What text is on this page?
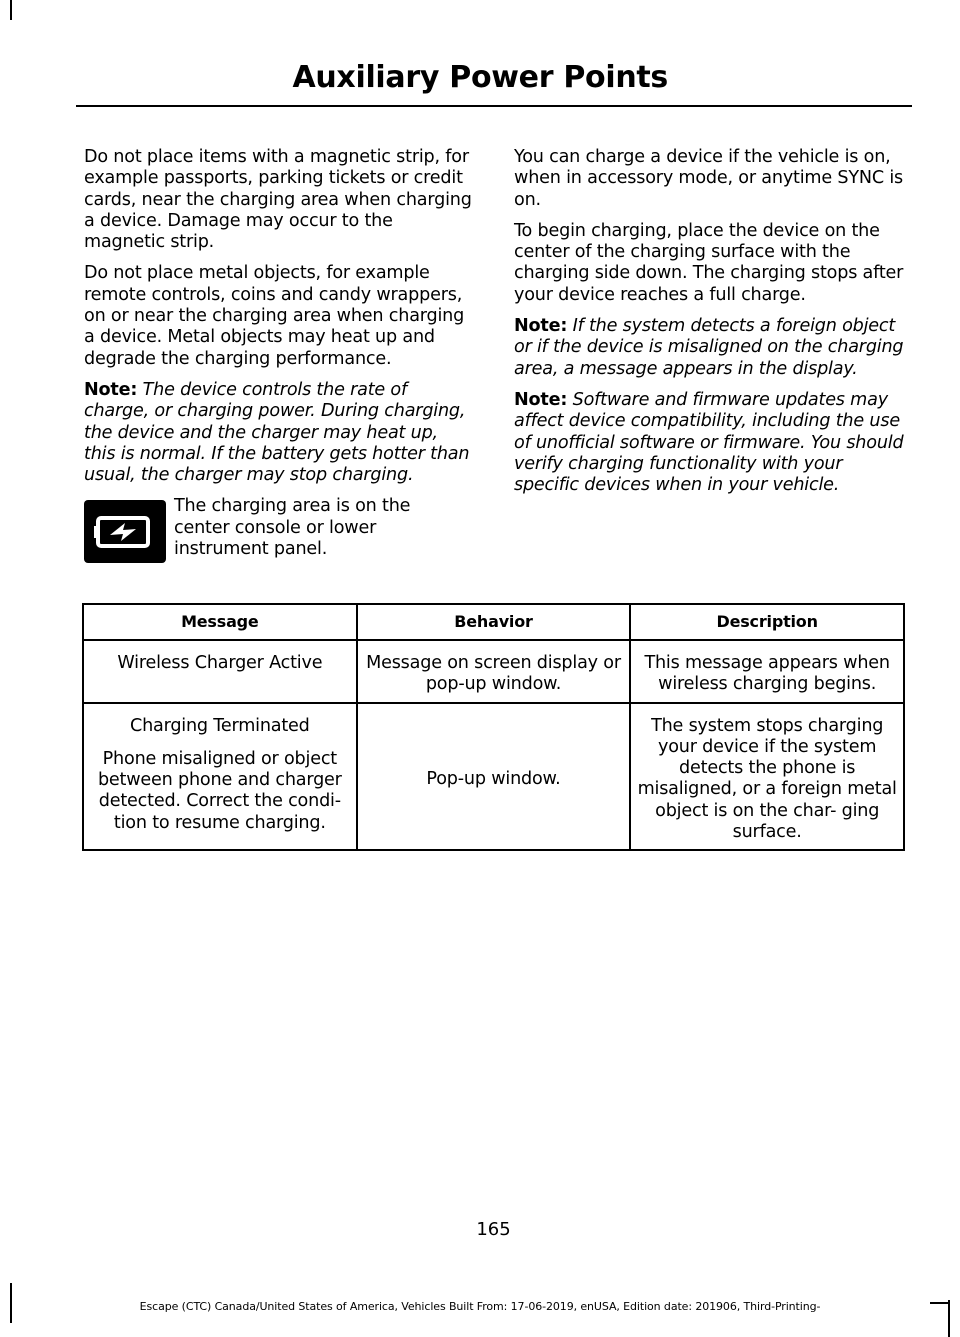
Auxiliary Power Points

Do not place items with a magnetic strip, for example passports, parking tickets or credit cards, near the charging area when charging a device. Damage may occur to the magnetic strip.

Do not place metal objects, for example remote controls, coins and candy wrappers, on or near the charging area when charging a device. Metal objects may heat up and degrade the charging performance.

Note: The device controls the rate of charge, or charging power. During charging, the device and the charger may heat up, this is normal. If the battery gets hotter than usual, the charger may stop charging.

The charging area is on the center console or lower instrument panel.

You can charge a device if the vehicle is on, when in accessory mode, or anytime SYNC is on.

To begin charging, place the device on the center of the charging surface with the charging side down. The charging stops after your device reaches a full charge.

Note: If the system detects a foreign object or if the device is misaligned on the charging area, a message appears in the display.

Note: Software and firmware updates may affect device compatibility, including the use of unofficial software or firmware. You should verify charging functionality with your specific devices when in your vehicle.

Message	Behavior	Description

Wireless Charger Active	Message on screen display or pop-up window.	This message appears when wireless charging begins.

Charging Terminated
Phone misaligned or object between phone and charger detected. Correct the condi- tion to resume charging.	Pop-up window.	The system stops charging your device if the system detects the phone is misaligned, or a foreign metal object is on the char- ging surface.
165
Escape (CTC) Canada/United States of America, Vehicles Built From: 17-06-2019, enUSA, Edition date: 201906, Third-Printing-
